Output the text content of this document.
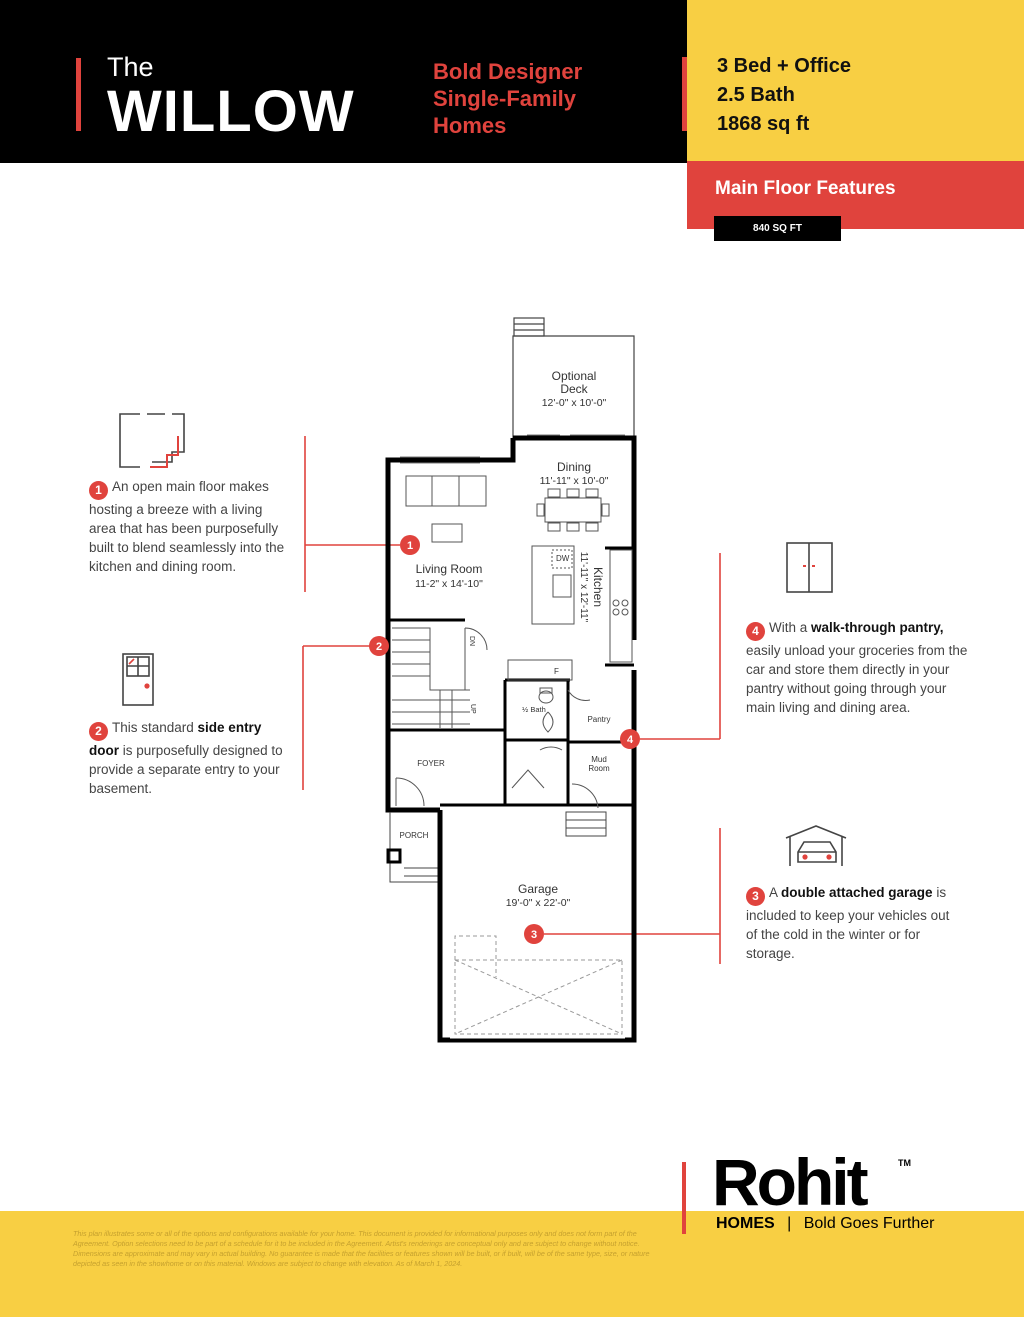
The
WILLOW
Bold Designer
Single-Family
Homes
3 Bed + Office
2.5 Bath
1868 sq ft
Main Floor Features
840 SQ FT
Optional
Deck
12'-0" x 10'-0"
Dining
11'-11" x 10'-0"
Living Room
11-2" x 14'-10"	Kitchen
11'-11" x 12'-11"
DW
F
½ Bath
Pantry
Mud
Room
FOYER
PORCH
Garage
19'-0" x 22'-0"
DN
UP
1
2
3
4
1 An open main floor makes hosting a breeze with a living area that has been purposefully built to blend seamlessly into the kitchen and dining room.
2 This standard side entry door is purposefully designed to provide a separate entry to your basement.
4 With a walk-through pantry, easily unload your groceries from the car and store them directly in your pantry without going through your main living and dining area.
3 A double attached garage is included to keep your vehicles out of the cold in the winter or for storage.
This plan illustrates some or all of the options and configurations available for your home. This document is provided for informational purposes only and does not form part of the Agreement. Option selections need to be part of a schedule for it to be included in the Agreement. Artist's renderings are conceptual only and are subject to change without notice. Dimensions are approximate and may vary in actual building. No guarantee is made that the facilities or features shown will be built, or if built, will be of the same type, size, or nature depicted as seen in the showhome or on this material. Windows are subject to change with elevation. As of March 1, 2024.
Rohit	TM
HOMES | Bold Goes Further
